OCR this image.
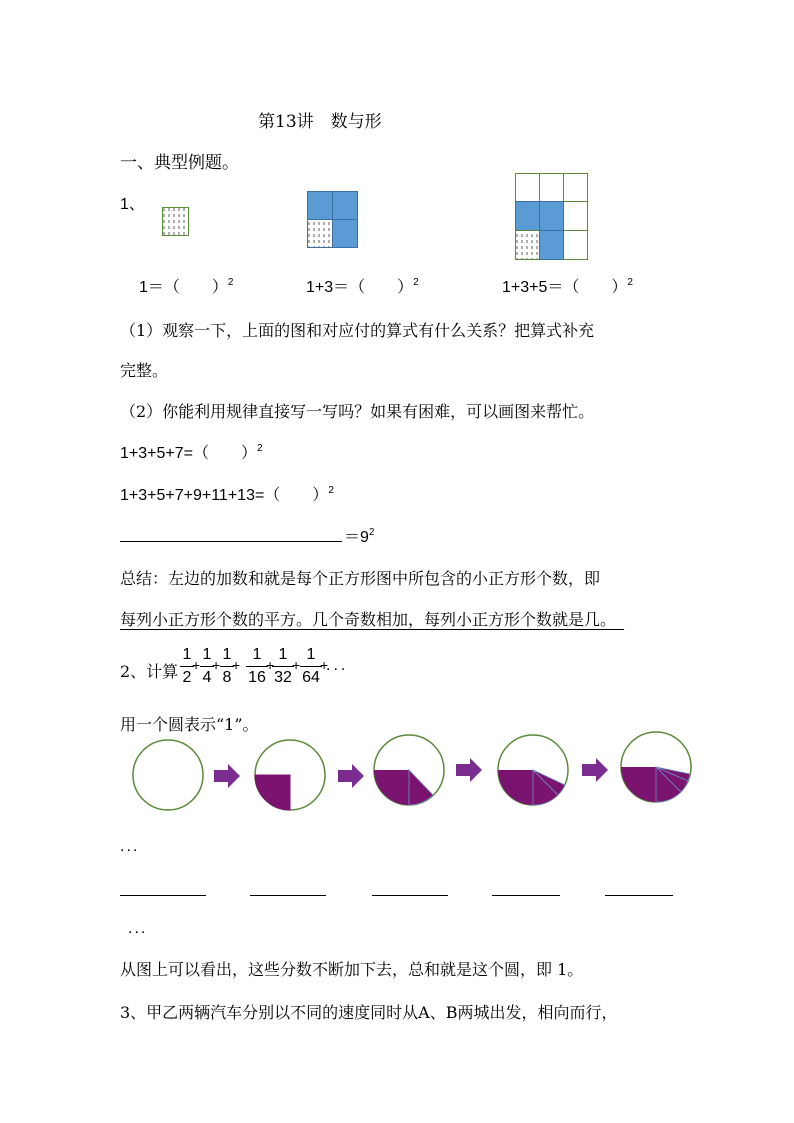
第13讲　数与形
一、典型例题。
1、
1＝（　　）$^2$	1+3＝（　　）$^2$	1+3+5＝（　　）$^2$
（1）观察一下，上面的图和对应付的算式有什么关系？把算式补充
完整。
（2）你能利用规律直接写一写吗？如果有困难，可以画图来帮忙。
1+3+5+7=（　　）$^2$
1+3+5+7+9+11+13=（　　）$^2$
$=9^2$
总结：左边的加数和就是每个正方形图中所包含的小正方形个数，即
每列小正方形个数的平方。几个奇数相加，每列小正方形个数就是几。　
2、计算
用一个圆表示“1”。
...
...
从图上可以看出，这些分数不断加下去，总和就是这个圆，即 1。
3、甲乙两辆汽车分别以不同的速度同时从A、B两城出发，相向而行，
1
2
+
1
4
+
1
8
+
1
16
+
1
32
+
1
64
+
...
